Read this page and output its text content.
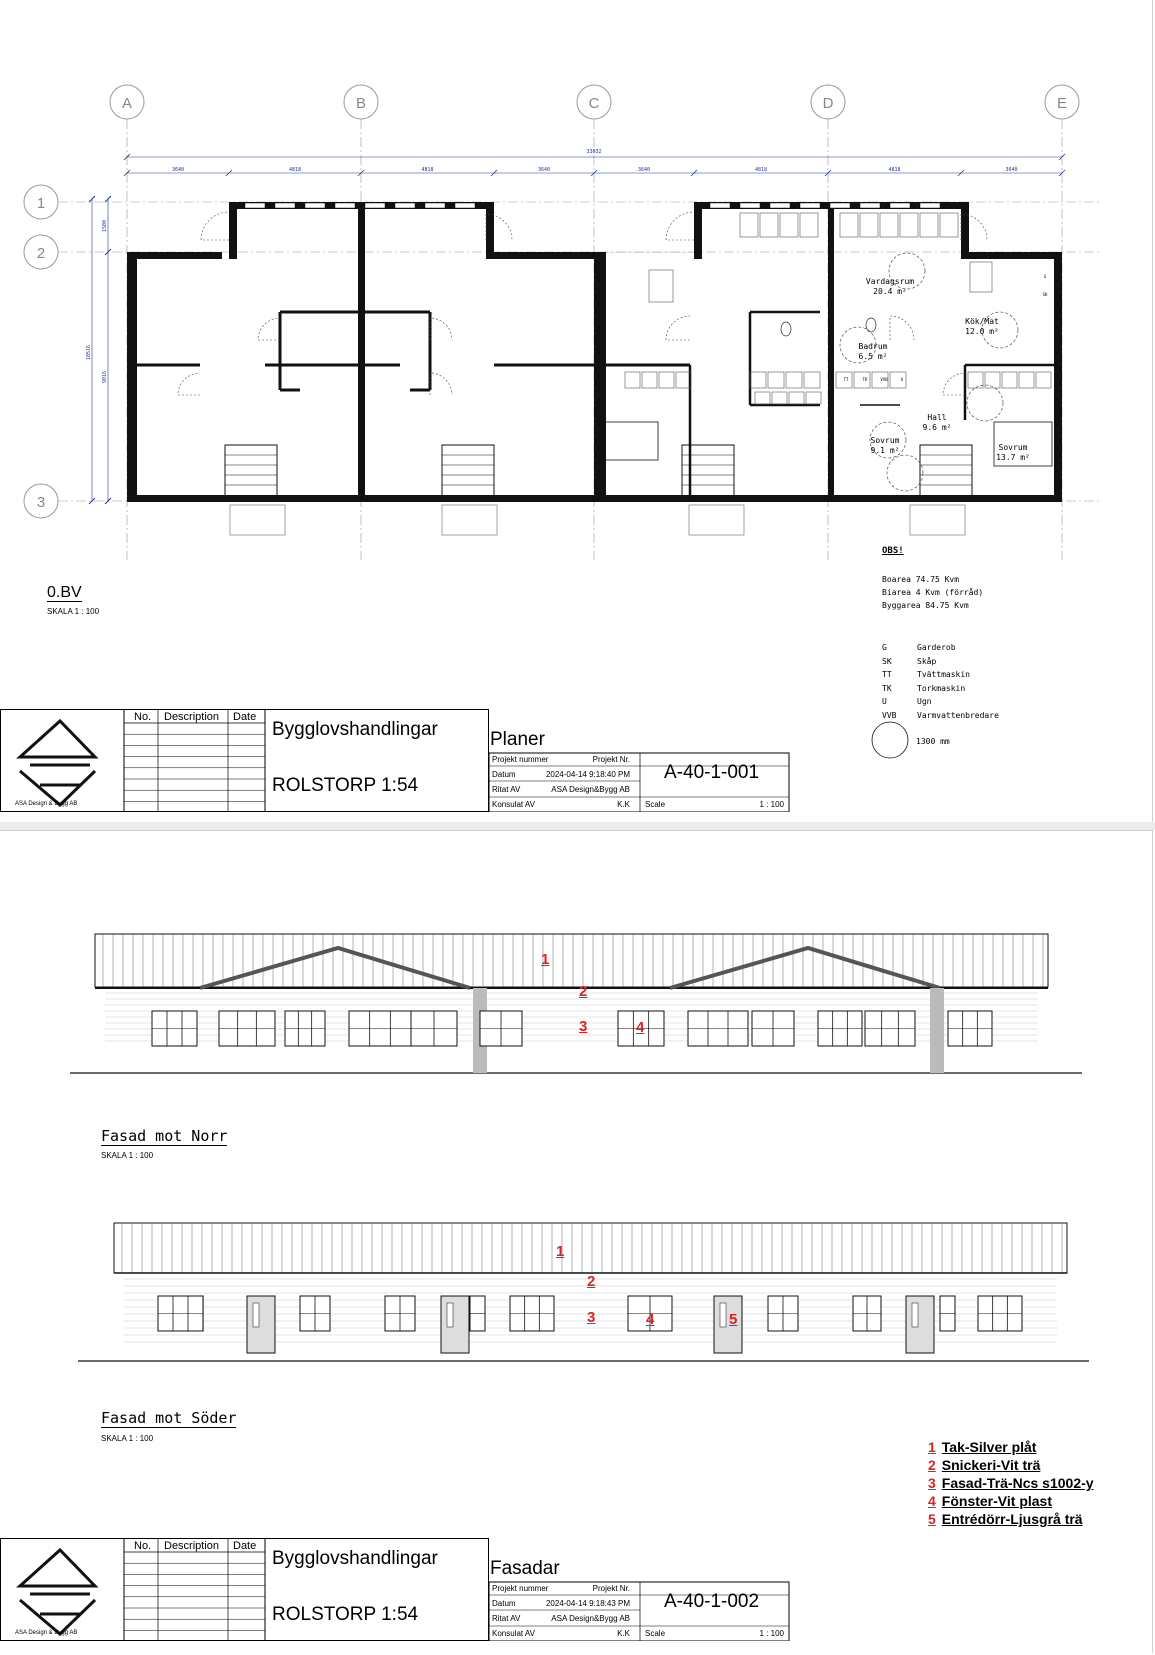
A	B	C	D	E
1
2
3
33032
3640	4818	4818	3640	3640	4818	4818	3640
1500
9016
10516
Vardagsrum
20.4 m²
Kök/Mat
12.0 m²
Badrum
6.5 m²
Hall
9.6 m²
Sovrum
9.1 m²	Sovrum
13.7 m²
TT	TK	VVB	U
G
SK
0.BV
SKALA 1 : 100
OBS!
Boarea 74.75 Kvm
Biarea 4 Kvm (förråd)
Byggarea 84.75 Kvm
G	Garderob
SK	Skåp
TT	Tvättmaskin
TK	Torkmaskin
U	Ugn
VVB	Varmvattenbredare
1300 mm
ASA Design & Bygg AB
No. Description Date
Bygglovshandlingar
ROLSTORP 1:54
Planer
Projekt nummer	Projekt Nr.
Datum	2024-04-14 9:18:40 PM
Ritat AV	ASA Design&Bygg AB
Konsulat AV	K.K
A-40-1-001
Scale	1 : 100
Fasad mot Norr
SKALA 1 : 100
Fasad mot Söder
SKALA 1 : 100
ASA Design & Bygg AB
No. Description Date
Bygglovshandlingar
ROLSTORP 1:54
Fasadar
Projekt nummer	Projekt Nr.
Datum	2024-04-14 9:18:43 PM
Ritat AV	ASA Design&Bygg AB
Konsulat AV	K.K
A-40-1-002
Scale	1 : 100
1 Tak-Silver plåt
2 Snickeri-Vit trä
3 Fasad-Trä-Ncs s1002-y
4 Fönster-Vit plast
5 Entrédörr-Ljusgrå trä
1
2
3	4
1
2
3	4	5
